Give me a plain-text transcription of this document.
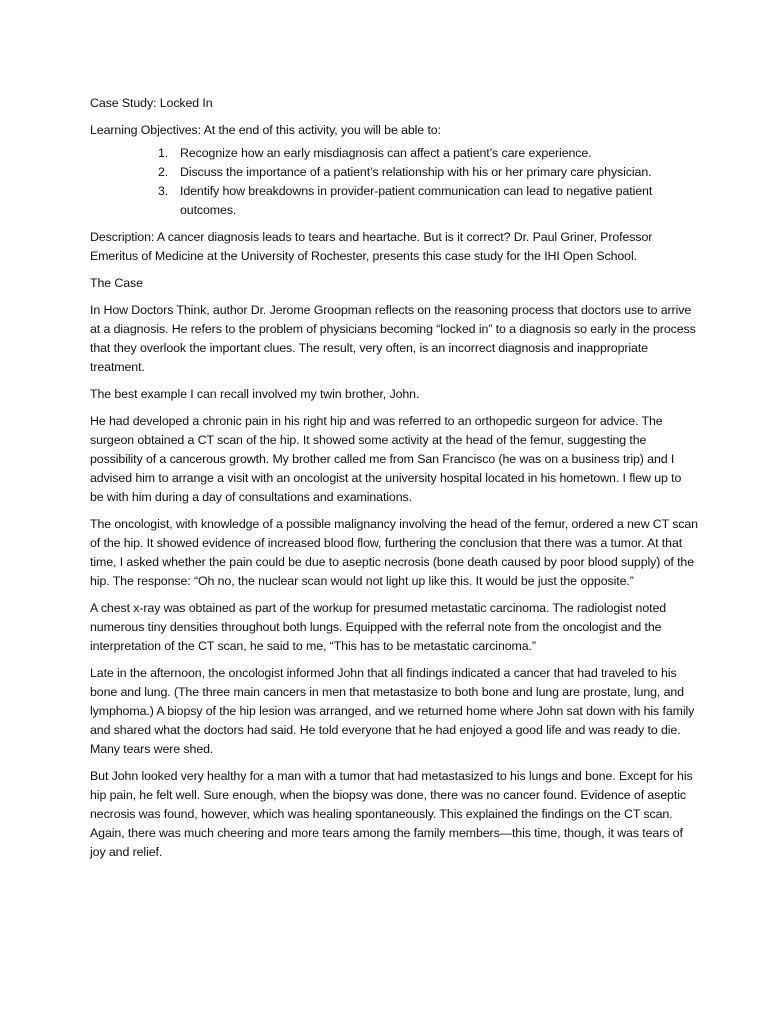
Case Study: Locked In

Learning Objectives: At the end of this activity, you will be able to:

1. Recognize how an early misdiagnosis can affect a patient’s care experience.
2. Discuss the importance of a patient’s relationship with his or her primary care physician.
3. Identify how breakdowns in provider-patient communication can lead to negative patient outcomes.

Description: A cancer diagnosis leads to tears and heartache. But is it correct? Dr. Paul Griner, Professor Emeritus of Medicine at the University of Rochester, presents this case study for the IHI Open School.

The Case

In How Doctors Think, author Dr. Jerome Groopman reflects on the reasoning process that doctors use to arrive at a diagnosis. He refers to the problem of physicians becoming “locked in” to a diagnosis so early in the process that they overlook the important clues. The result, very often, is an incorrect diagnosis and inappropriate treatment.

The best example I can recall involved my twin brother, John.

He had developed a chronic pain in his right hip and was referred to an orthopedic surgeon for advice. The surgeon obtained a CT scan of the hip. It showed some activity at the head of the femur, suggesting the possibility of a cancerous growth. My brother called me from San Francisco (he was on a business trip) and I advised him to arrange a visit with an oncologist at the university hospital located in his hometown. I flew up to be with him during a day of consultations and examinations.

The oncologist, with knowledge of a possible malignancy involving the head of the femur, ordered a new CT scan of the hip. It showed evidence of increased blood flow, furthering the conclusion that there was a tumor. At that time, I asked whether the pain could be due to aseptic necrosis (bone death caused by poor blood supply) of the hip. The response: “Oh no, the nuclear scan would not light up like this. It would be just the opposite.”

A chest x-ray was obtained as part of the workup for presumed metastatic carcinoma. The radiologist noted numerous tiny densities throughout both lungs. Equipped with the referral note from the oncologist and the interpretation of the CT scan, he said to me, “This has to be metastatic carcinoma.”

Late in the afternoon, the oncologist informed John that all findings indicated a cancer that had traveled to his bone and lung. (The three main cancers in men that metastasize to both bone and lung are prostate, lung, and lymphoma.) A biopsy of the hip lesion was arranged, and we returned home where John sat down with his family and shared what the doctors had said. He told everyone that he had enjoyed a good life and was ready to die. Many tears were shed.

But John looked very healthy for a man with a tumor that had metastasized to his lungs and bone. Except for his hip pain, he felt well. Sure enough, when the biopsy was done, there was no cancer found. Evidence of aseptic necrosis was found, however, which was healing spontaneously. This explained the findings on the CT scan. Again, there was much cheering and more tears among the family members—this time, though, it was tears of joy and relief.
